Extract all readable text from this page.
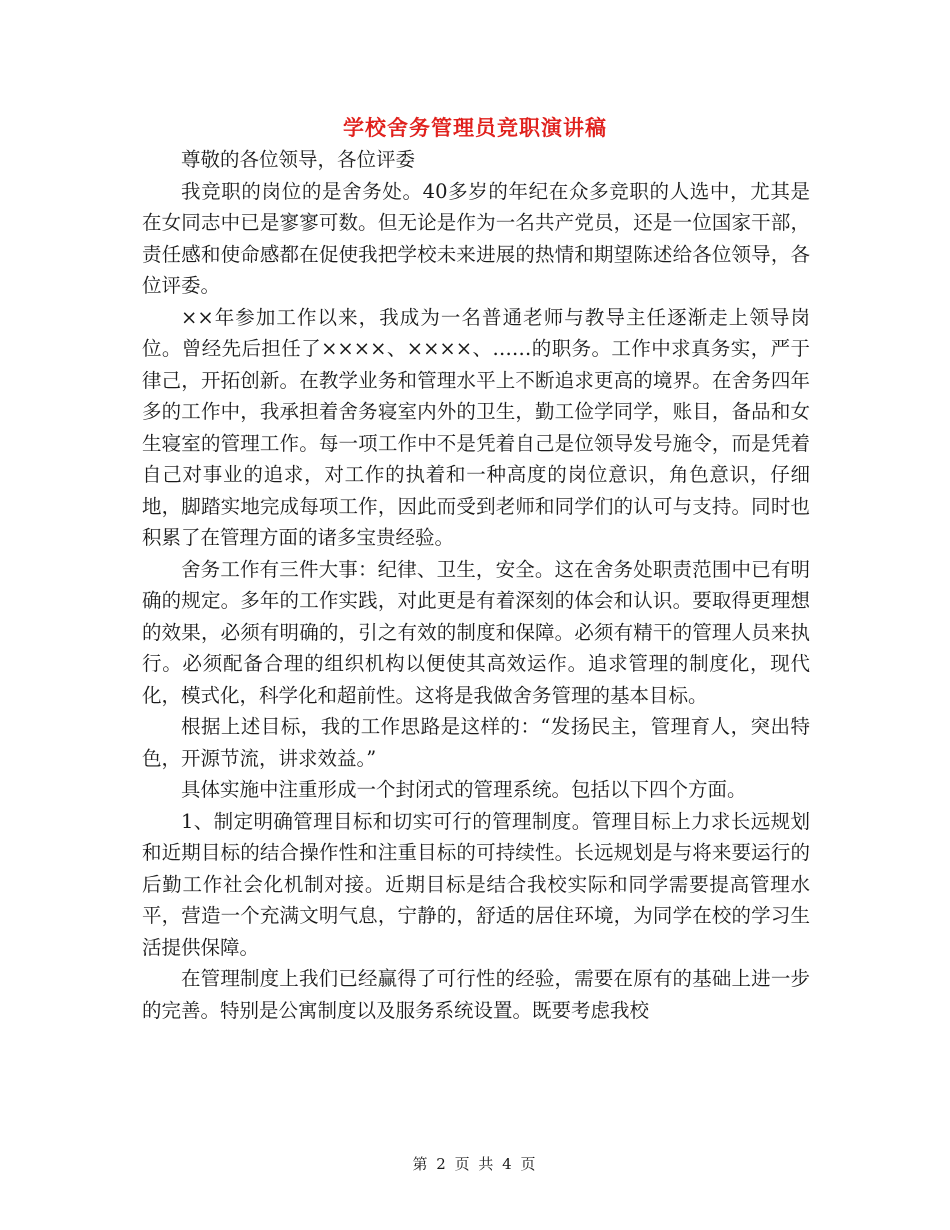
学校舍务管理员竞职演讲稿

尊敬的各位领导，各位评委

我竞职的岗位的是舍务处。40多岁的年纪在众多竞职的人选中，尤其是在女同志中已是寥寥可数。但无论是作为一名共产党员，还是一位国家干部，责任感和使命感都在促使我把学校未来进展的热情和期望陈述给各位领导，各位评委。

××年参加工作以来，我成为一名普通老师与教导主任逐渐走上领导岗位。曾经先后担任了××××、××××、……的职务。工作中求真务实，严于律己，开拓创新。在教学业务和管理水平上不断追求更高的境界。在舍务四年多的工作中，我承担着舍务寝室内外的卫生，勤工俭学同学，账目，备品和女生寝室的管理工作。每一项工作中不是凭着自己是位领导发号施令，而是凭着自己对事业的追求，对工作的执着和一种高度的岗位意识，角色意识，仔细地，脚踏实地完成每项工作，因此而受到老师和同学们的认可与支持。同时也积累了在管理方面的诸多宝贵经验。

舍务工作有三件大事：纪律、卫生，安全。这在舍务处职责范围中已有明确的规定。多年的工作实践，对此更是有着深刻的体会和认识。要取得更理想的效果，必须有明确的，引之有效的制度和保障。必须有精干的管理人员来执行。必须配备合理的组织机构以便使其高效运作。追求管理的制度化，现代化，模式化，科学化和超前性。这将是我做舍务管理的基本目标。

根据上述目标，我的工作思路是这样的：“发扬民主，管理育人，突出特色，开源节流，讲求效益。”

具体实施中注重形成一个封闭式的管理系统。包括以下四个方面。

1、制定明确管理目标和切实可行的管理制度。管理目标上力求长远规划和近期目标的结合操作性和注重目标的可持续性。长远规划是与将来要运行的后勤工作社会化机制对接。近期目标是结合我校实际和同学需要提高管理水平，营造一个充满文明气息，宁静的，舒适的居住环境，为同学在校的学习生活提供保障。

在管理制度上我们已经赢得了可行性的经验，需要在原有的基础上进一步的完善。特别是公寓制度以及服务系统设置。既要考虑我校

第 2 页 共 4 页
